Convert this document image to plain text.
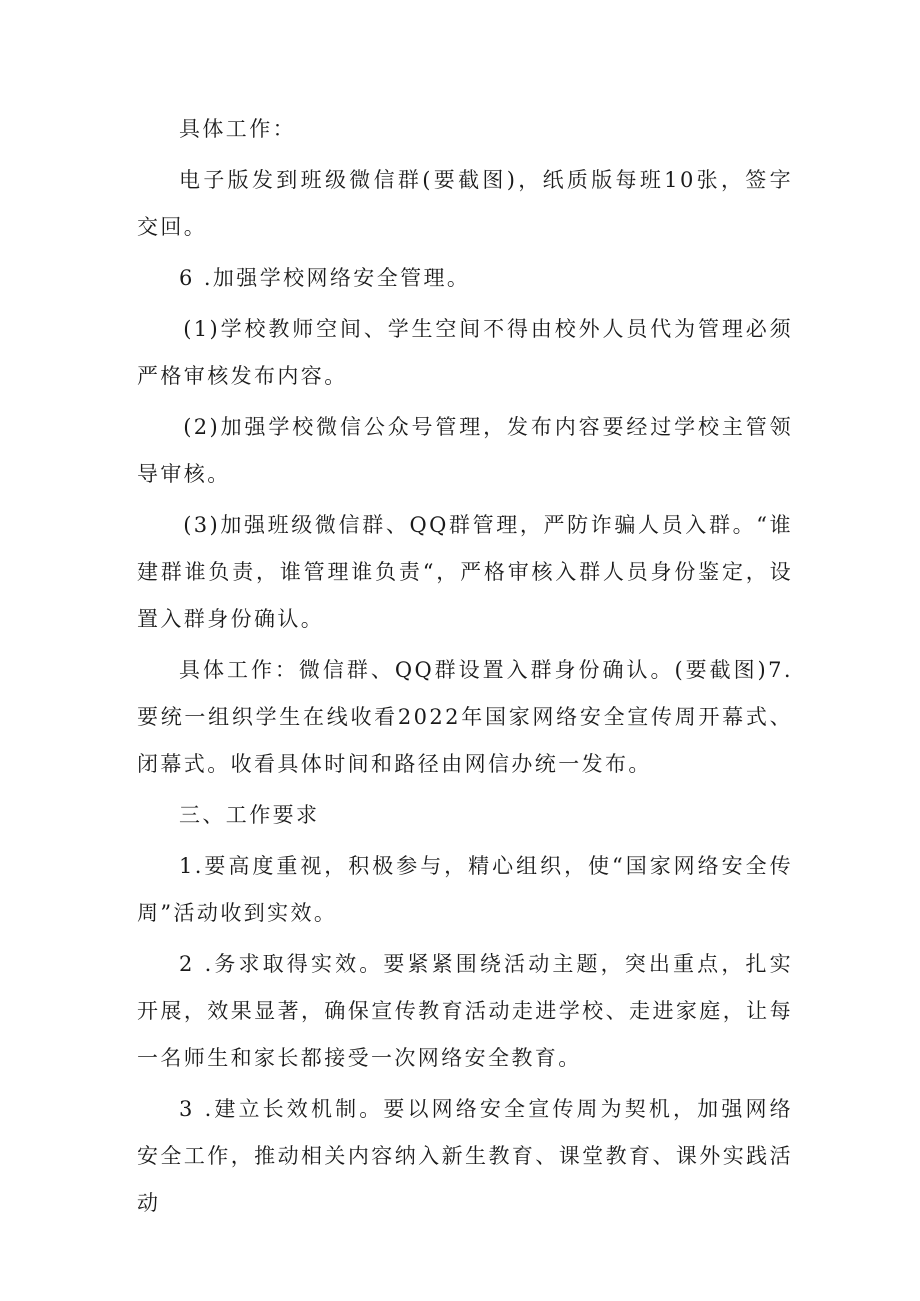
具体工作：

电子版发到班级微信群(要截图)，纸质版每班10张，签字交回。

6 .加强学校网络安全管理。

(1)学校教师空间、学生空间不得由校外人员代为管理必须严格审核发布内容。

(2)加强学校微信公众号管理，发布内容要经过学校主管领导审核。

(3)加强班级微信群、QQ群管理，严防诈骗人员入群。“谁建群谁负责，谁管理谁负责“，严格审核入群人员身份鉴定，设置入群身份确认。

具体工作：微信群、QQ群设置入群身份确认。(要截图)7.要统一组织学生在线收看2022年国家网络安全宣传周开幕式、闭幕式。收看具体时间和路径由网信办统一发布。

三、工作要求

1.要高度重视，积极参与，精心组织，使“国家网络安全传周”活动收到实效。

2 .务求取得实效。要紧紧围绕活动主题，突出重点，扎实开展，效果显著，确保宣传教育活动走进学校、走进家庭，让每一名师生和家长都接受一次网络安全教育。

3 .建立长效机制。要以网络安全宣传周为契机，加强网络安全工作，推动相关内容纳入新生教育、课堂教育、课外实践活动
